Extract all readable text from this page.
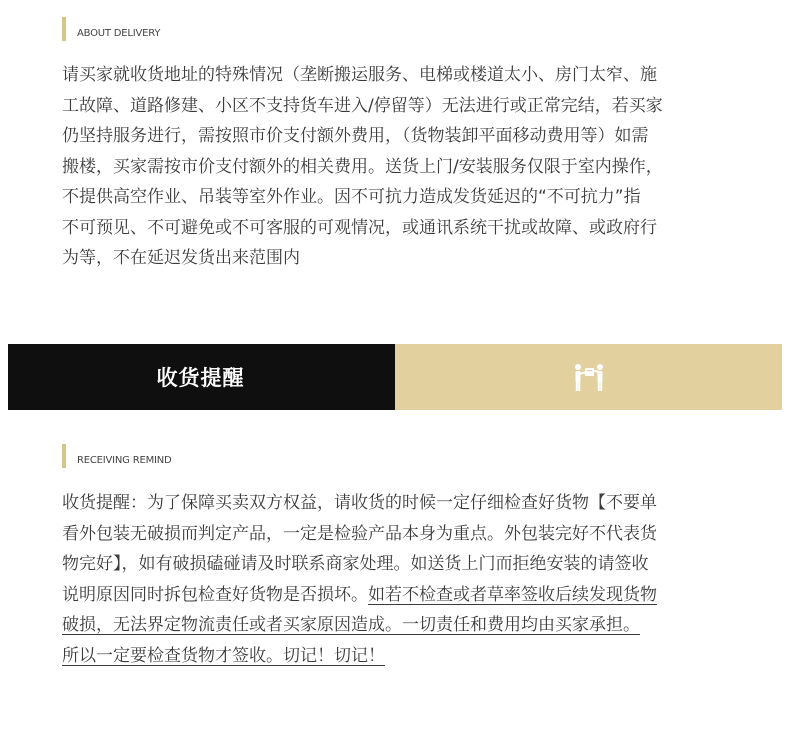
ABOUT DELIVERY
请买家就收货地址的特殊情况（垄断搬运服务、电梯或楼道太小、房门太窄、施
工故障、道路修建、小区不支持货车进入/停留等）无法进行或正常完结，若买家
仍坚持服务进行，需按照市价支付额外费用，（货物装卸平面移动费用等）如需
搬楼，买家需按市价支付额外的相关费用。送货上门/安装服务仅限于室内操作，
不提供高空作业、吊装等室外作业。因不可抗力造成发货延迟的“不可抗力”指
不可预见、不可避免或不可客服的可观情况，或通讯系统干扰或故障、或政府行
为等，不在延迟发货出来范围内
收货提醒
RECEIVING REMIND
收货提醒：为了保障买卖双方权益，请收货的时候一定仔细检查好货物【不要单
看外包装无破损而判定产品，一定是检验产品本身为重点。外包装完好不代表货
物完好】，如有破损磕碰请及时联系商家处理。如送货上门而拒绝安装的请签收
说明原因同时拆包检查好货物是否损坏。如若不检查或者草率签收后续发现货物
破损，无法界定物流责任或者买家原因造成。一切责任和费用均由买家承担。
所以一定要检查货物才签收。切记！切记！
